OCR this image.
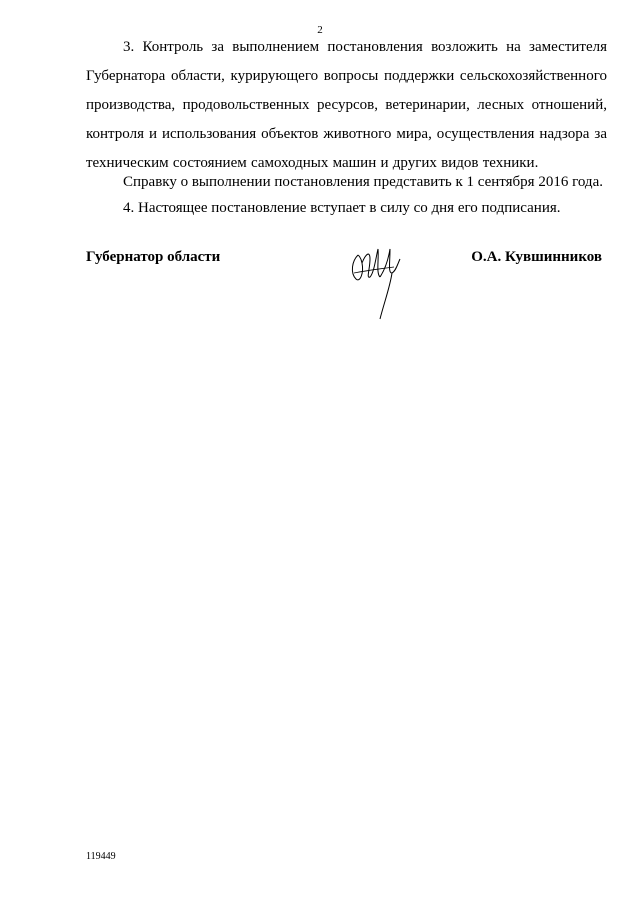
2

3. Контроль за выполнением постановления возложить на заместителя Губернатора области, курирующего вопросы поддержки сельскохозяйственного производства, продовольственных ресурсов, ветеринарии, лесных отношений, контроля и использования объектов животного мира, осуществления надзора за техническим состоянием самоходных машин и других видов техники.

Справку о выполнении постановления представить к 1 сентября 2016 года.

4. Настоящее постановление вступает в силу со дня его подписания.

Губернатор области	О.А. Кувшинников
119449
